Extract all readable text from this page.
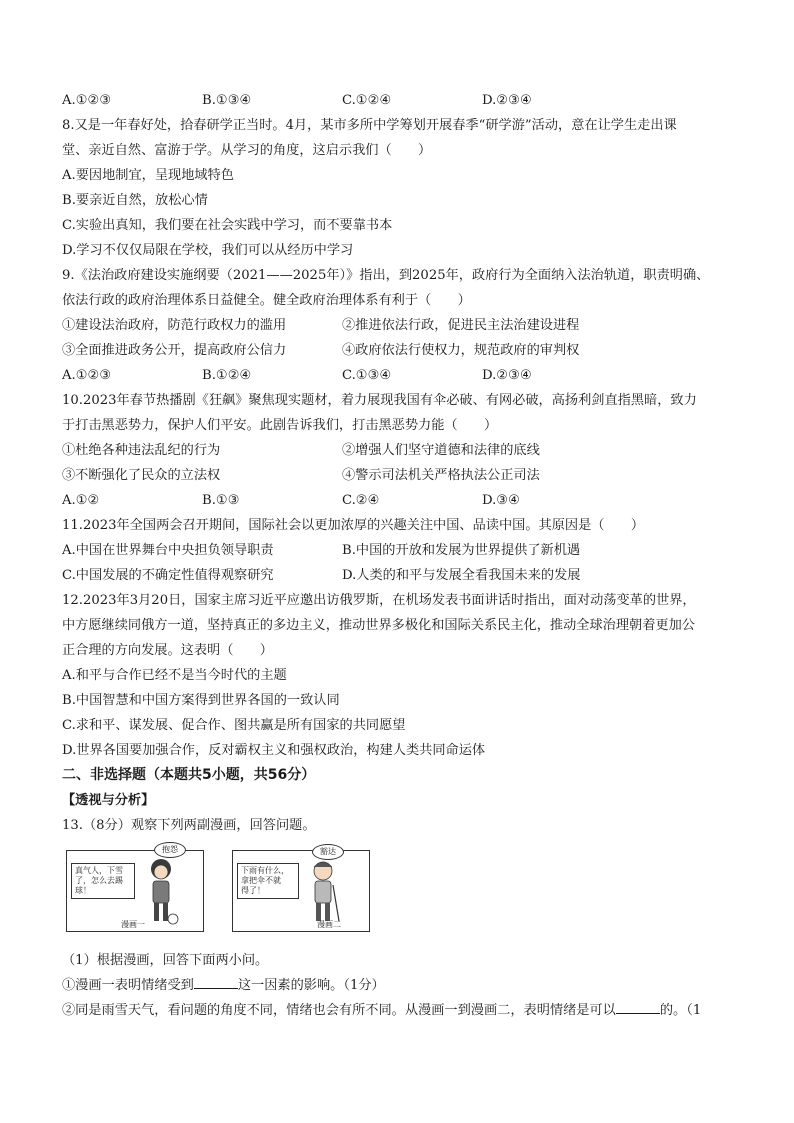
A.①②③	B.①③④	C.①②④	D.②③④
8.又是一年春好处，拾春研学正当时。4月，某市多所中学筹划开展春季“研学游”活动，意在让学生走出课
堂、亲近自然、富游于学。从学习的角度，这启示我们（　　）
A.要因地制宜，呈现地域特色
B.要亲近自然，放松心情
C.实验出真知，我们要在社会实践中学习，而不要靠书本
D.学习不仅仅局限在学校，我们可以从经历中学习
9.《法治政府建设实施纲要（2021——2025年）》指出，到2025年，政府行为全面纳入法治轨道，职责明确、
依法行政的政府治理体系日益健全。健全政府治理体系有利于（　　）
①建设法治政府，防范行政权力的滥用	②推进依法行政，促进民主法治建设进程
③全面推进政务公开，提高政府公信力	④政府依法行使权力，规范政府的审判权
A.①②③	B.①②④	C.①③④	D.②③④
10.2023年春节热播剧《狂飙》聚焦现实题材，着力展现我国有伞必破、有网必破，高扬利剑直指黑暗，致力
于打击黑恶势力，保护人们平安。此剧告诉我们，打击黑恶势力能（　　）
①杜绝各种违法乱纪的行为	②增强人们坚守道德和法律的底线
③不断强化了民众的立法权	④警示司法机关严格执法公正司法
A.①②	B.①③	C.②④	D.③④
11.2023年全国两会召开期间，国际社会以更加浓厚的兴趣关注中国、品读中国。其原因是（　　）
A.中国在世界舞台中央担负领导职责	B.中国的开放和发展为世界提供了新机遇
C.中国发展的不确定性值得观察研究	D.人类的和平与发展全看我国未来的发展
12.2023年3月20日，国家主席习近平应邀出访俄罗斯，在机场发表书面讲话时指出，面对动荡变革的世界，
中方愿继续同俄方一道，坚持真正的多边主义，推动世界多极化和国际关系民主化，推动全球治理朝着更加公
正合理的方向发展。这表明（　　）
A.和平与合作已经不是当今时代的主题
B.中国智慧和中国方案得到世界各国的一致认同
C.求和平、谋发展、促合作、图共赢是所有国家的共同愿望
D.世界各国要加强合作，反对霸权主义和强权政治，构建人类共同命运体
二、非选择题（本题共5小题，共56分）
【透视与分析】
13.（8分）观察下列两副漫画，回答问题。
真气人，下雪
了，怎么去踢
球！
漫画一
抱怨
下雨有什么，
拿把伞不就
得了！
漫画二
豁达
（1）根据漫画，回答下面两小问。
①漫画一表明情绪受到	这一因素的影响。（1分）
②同是雨雪天气，看问题的角度不同，情绪也会有所不同。从漫画一到漫画二，表明情绪是可以	的。（1
